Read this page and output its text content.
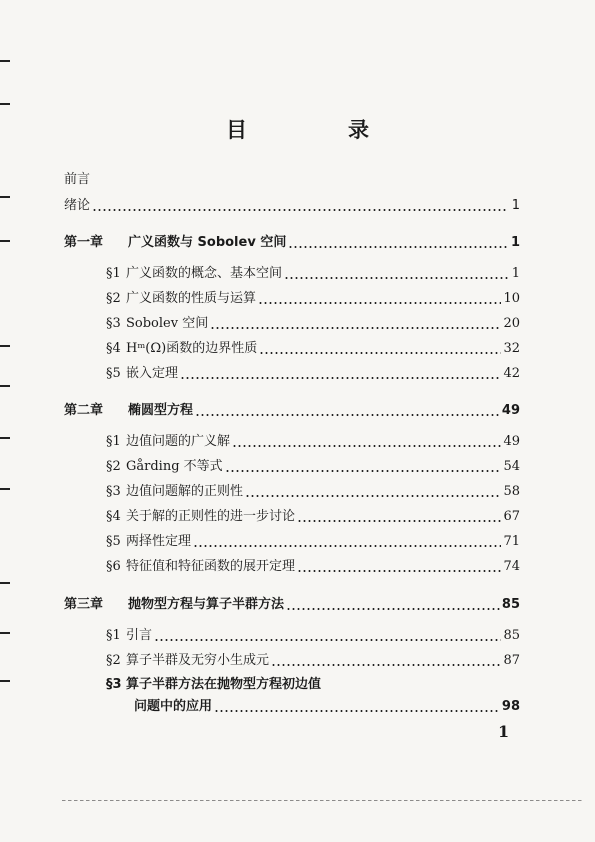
目　录
前言
绪论	1
第一章	广义函数与 Sobolev 空间	1
§1 广义函数的概念、基本空间	1
§2 广义函数的性质与运算	10
§3 Sobolev 空间	20
§4 Hᵐ(Ω)函数的边界性质	32
§5 嵌入定理	42
第二章	椭圆型方程	49
§1 边值问题的广义解	49
§2 Gårding 不等式	54
§3 边值问题解的正则性	58
§4 关于解的正则性的进一步讨论	67
§5 两择性定理	71
§6 特征值和特征函数的展开定理	74
第三章	抛物型方程与算子半群方法	85
§1 引言	85
§2 算子半群及无穷小生成元	87
§3 算子半群方法在抛物型方程初边值
问题中的应用	98
1
